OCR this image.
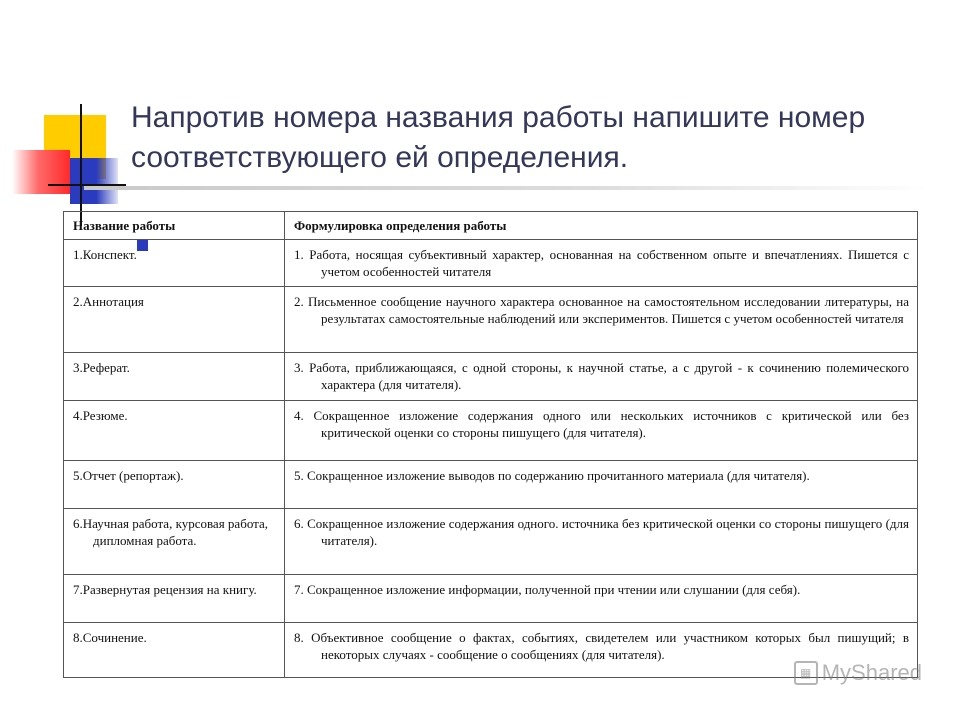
Напротив номера названия работы напишите номер
соответствующего ей определения.
Название работы	Формулировка определения работы

1.Конспект.	1. Работа, носящая субъективный характер, основанная на собственном опыте и впечатлениях. Пишется с учетом особенностей читателя

2.Аннотация	2. Письменное сообщение научного характера основанное на самостоятельном исследовании литературы, на результатах самостоятельные наблюдений или экспериментов. Пишется с учетом особенностей читателя

3.Реферат.	3. Работа, приближающаяся, с одной стороны, к научной статье, а с другой - к сочинению полемического характера (для читателя).

4.Резюме.	4. Сокращенное изложение содержания одного или нескольких источников с критической или без критической оценки со стороны пишущего (для читателя).

5.Отчет (репортаж).	5. Сокращенное изложение выводов по содержанию прочитанного материала (для читателя).

6.Научная работа, курсовая работа, дипломная работа.	6. Сокращенное изложение содержания одного. источника без критической оценки со стороны пишущего (для читателя).

7.Развернутая рецензия на книгу.	7. Сокращенное изложение информации, полученной при чтении или слушании (для себя).

8.Сочинение.	8. Объективное сообщение о фактах, событиях, свидетелем или участником которых был пишущий; в некоторых случаях - сообщение о сообщениях (для читателя).
▦ MyShared
